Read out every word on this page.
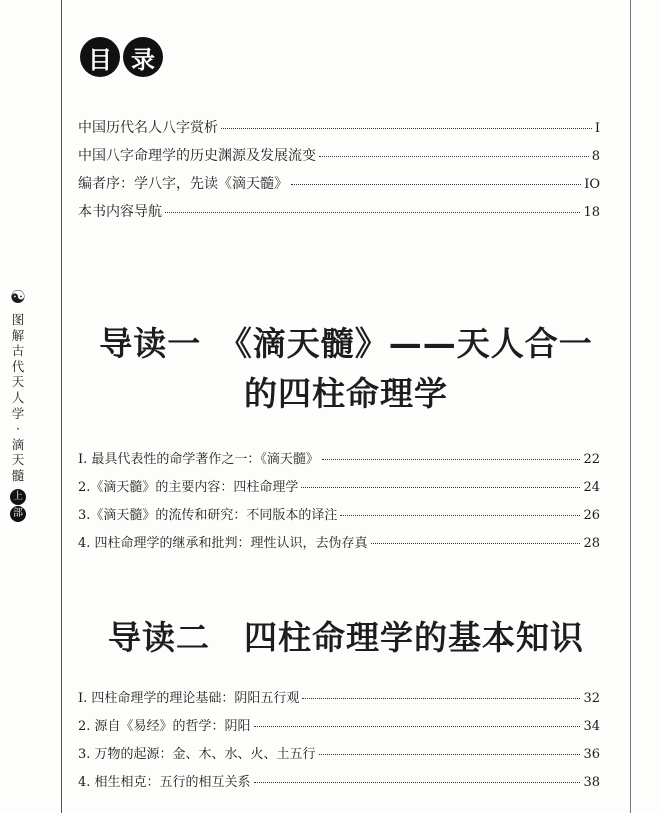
☯
图
解
古
代
天
人
学
·
滴
天
髓
上
部
目 录
中国历代名人八字赏析	I
中国八字命理学的历史渊源及发展流变	8
编者序：学八字，先读《滴天髓》	IO
本书内容导航	18
导读一　《滴天髓》——天人合一
的四柱命理学
I. 最具代表性的命学著作之一：《滴天髓》	22
2.《滴天髓》的主要内容：四柱命理学	24
3.《滴天髓》的流传和研究：不同版本的译注	26
4. 四柱命理学的继承和批判：理性认识，去伪存真	28
导读二　四柱命理学的基本知识
I. 四柱命理学的理论基础：阴阳五行观	32
2. 源自《易经》的哲学：阴阳	34
3. 万物的起源：金、木、水、火、土五行	36
4. 相生相克：五行的相互关系	38
